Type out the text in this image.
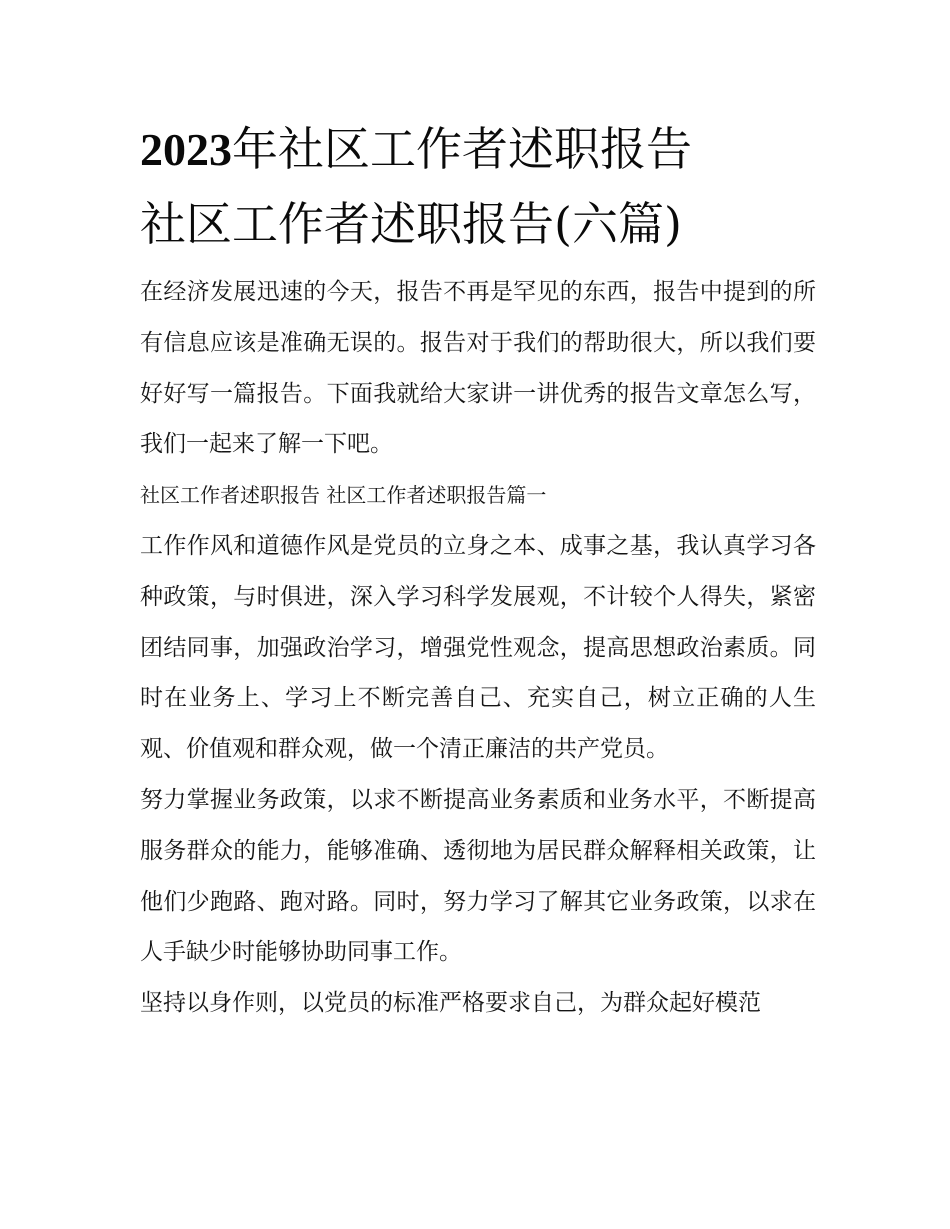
2023年社区工作者述职报告
社区工作者述职报告(六篇)

在经济发展迅速的今天，报告不再是罕见的东西，报告中提到的所有信息应该是准确无误的。报告对于我们的帮助很大，所以我们要好好写一篇报告。下面我就给大家讲一讲优秀的报告文章怎么写，我们一起来了解一下吧。

社区工作者述职报告 社区工作者述职报告篇一

工作作风和道德作风是党员的立身之本、成事之基，我认真学习各种政策，与时俱进，深入学习科学发展观，不计较个人得失，紧密团结同事，加强政治学习，增强党性观念，提高思想政治素质。同时在业务上、学习上不断完善自己、充实自己，树立正确的人生观、价值观和群众观，做一个清正廉洁的共产党员。

努力掌握业务政策，以求不断提高业务素质和业务水平，不断提高服务群众的能力，能够准确、透彻地为居民群众解释相关政策，让他们少跑路、跑对路。同时，努力学习了解其它业务政策，以求在人手缺少时能够协助同事工作。

坚持以身作则，以党员的标准严格要求自己，为群众起好模范
